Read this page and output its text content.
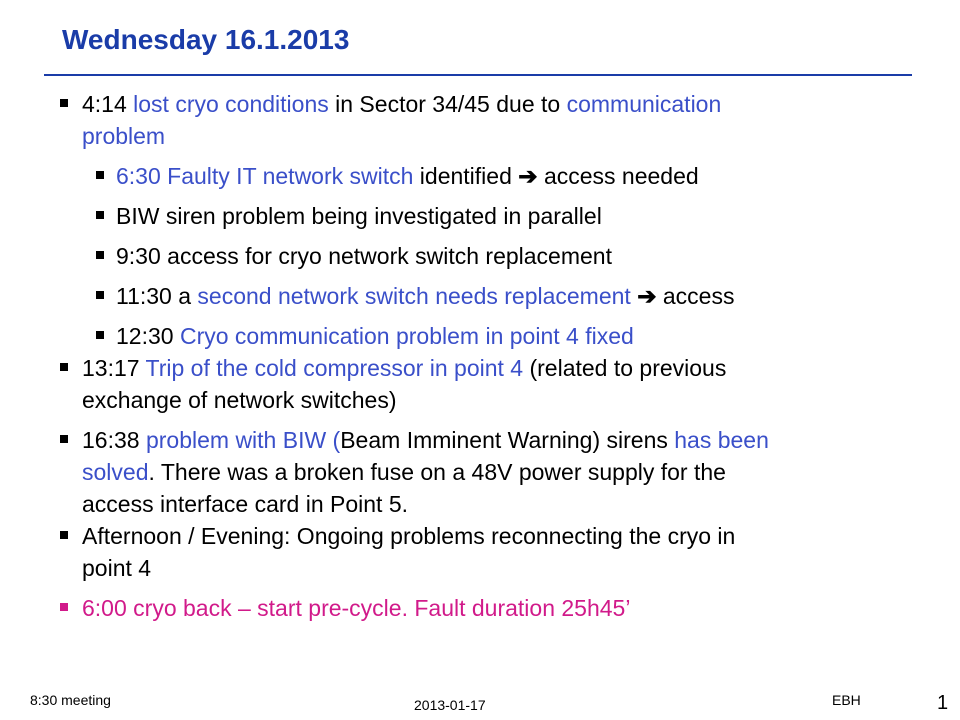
Wednesday 16.1.2013
4:14 lost cryo conditions in Sector 34/45 due to communication
problem
6:30 Faulty IT network switch identified ➔ access needed
BIW siren problem being investigated in parallel
9:30 access for cryo network switch replacement
11:30 a second network switch needs replacement ➔ access
12:30 Cryo communication problem in point 4 fixed
13:17 Trip of the cold compressor in point 4 (related to previous
exchange of network switches)
16:38 problem with BIW (Beam Imminent Warning) sirens has been
solved. There was a broken fuse on a 48V power supply for the
access interface card in Point 5.
Afternoon / Evening: Ongoing problems reconnecting the cryo in
point 4
6:00 cryo back – start pre-cycle. Fault duration 25h45’
8:30 meeting	2013-01-17	EBH	1
